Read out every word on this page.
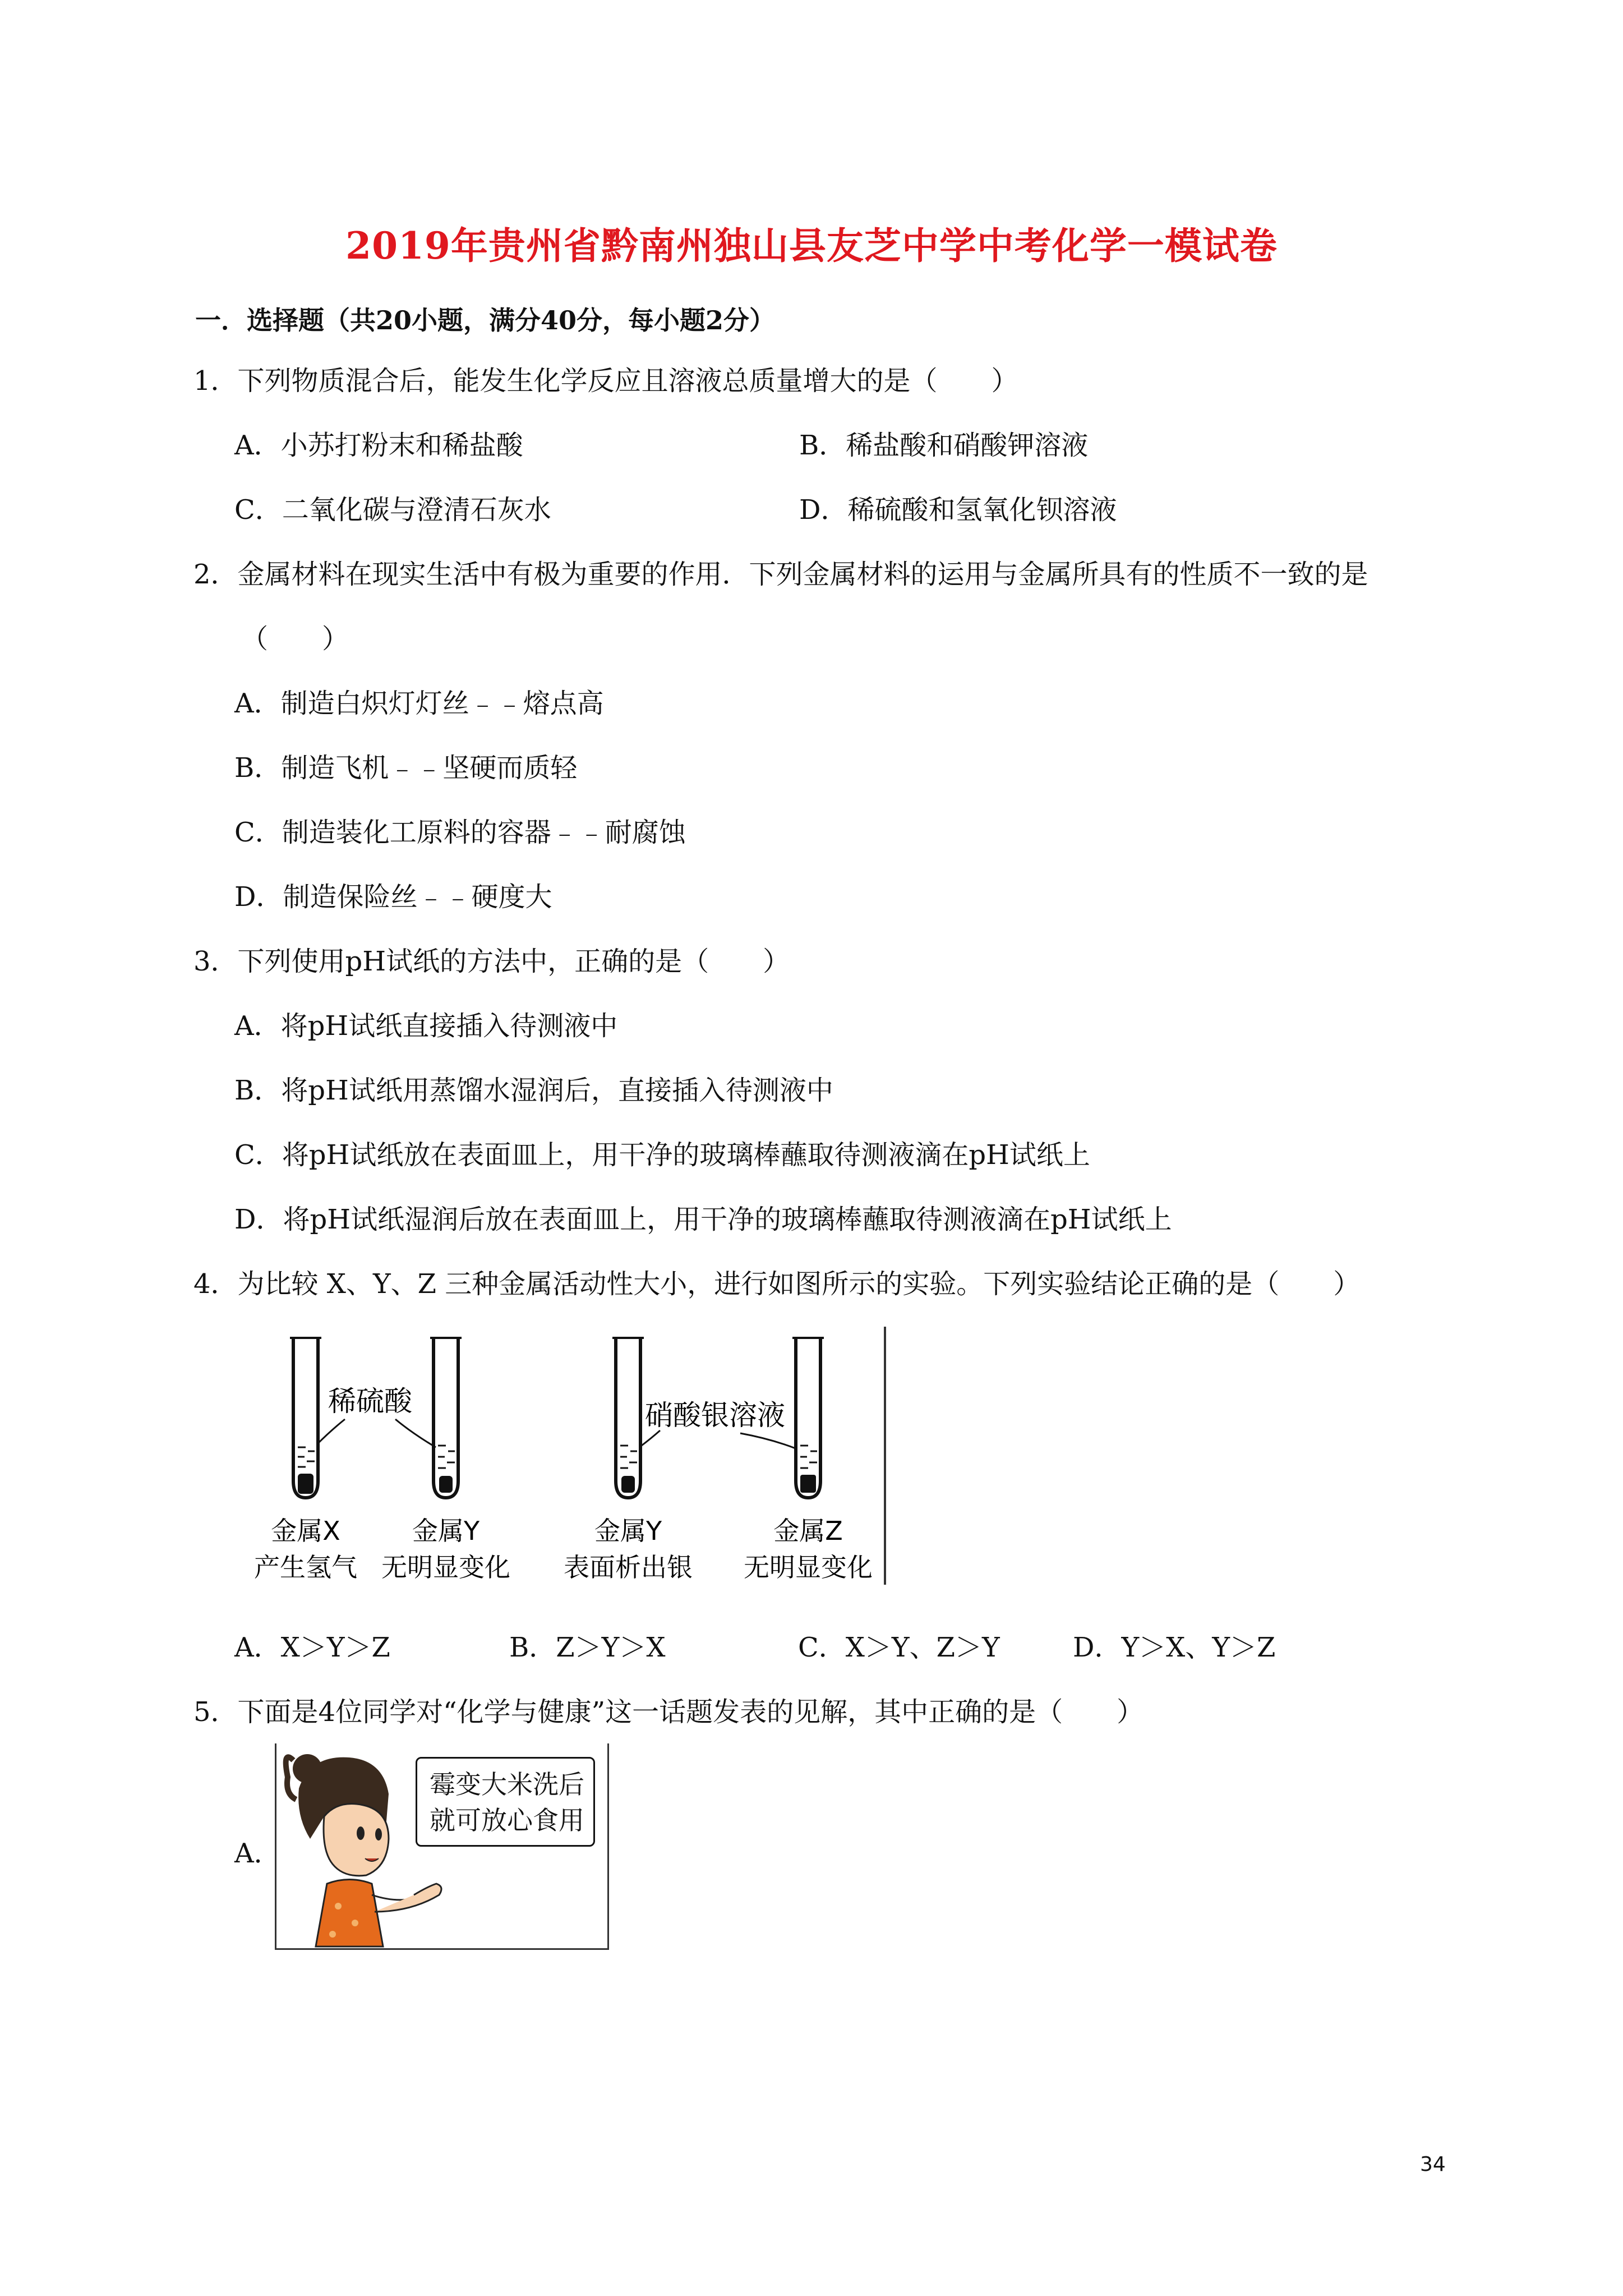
2019年贵州省黔南州独山县友芝中学中考化学一模试卷
一．选择题（共20小题，满分40分，每小题2分）
1．下列物质混合后，能发生化学反应且溶液总质量增大的是（　　）
A．小苏打粉末和稀盐酸	B．稀盐酸和硝酸钾溶液
C．二氧化碳与澄清石灰水	D．稀硫酸和氢氧化钡溶液
2．金属材料在现实生活中有极为重要的作用．下列金属材料的运用与金属所具有的性质不一致的是
（　　）
A．制造白炽灯灯丝﹣﹣熔点高
B．制造飞机﹣﹣坚硬而质轻
C．制造装化工原料的容器﹣﹣耐腐蚀
D．制造保险丝﹣﹣硬度大
3．下列使用pH试纸的方法中，正确的是（　　）
A．将pH试纸直接插入待测液中
B．将pH试纸用蒸馏水湿润后，直接插入待测液中
C．将pH试纸放在表面皿上，用干净的玻璃棒蘸取待测液滴在pH试纸上
D．将pH试纸湿润后放在表面皿上，用干净的玻璃棒蘸取待测液滴在pH试纸上
4．为比较 X、Y、Z 三种金属活动性大小，进行如图所示的实验。下列实验结论正确的是（　　）
稀硫酸	硝酸银溶液
金属X
产生氢气
金属Y
无明显变化
金属Y
表面析出银
金属Z
无明显变化
A．X＞Y＞Z	B．Z＞Y＞X	C．X＞Y、Z＞Y	D．Y＞X、Y＞Z
5．下面是4位同学对“化学与健康”这一话题发表的见解，其中正确的是（　　）
A．
霉变大米洗后
就可放心食用
34
